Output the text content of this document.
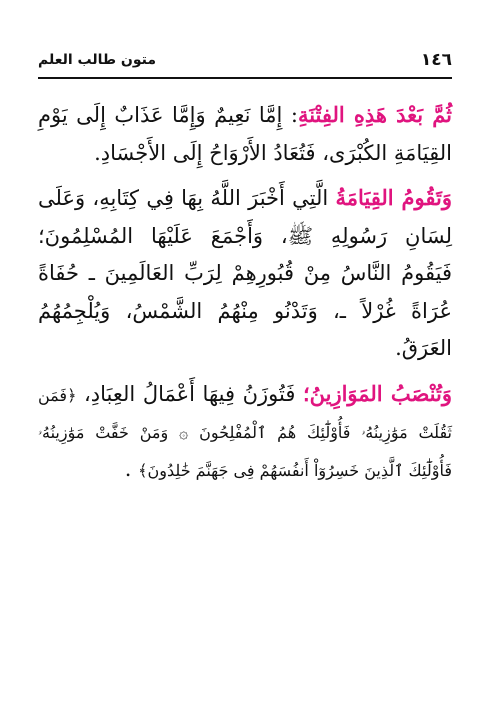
١٤٦
متون طالب العلم

ثُمَّ بَعْدَ هَذِهِ الفِتْنَةِ: إِمَّا نَعِيمٌ وَإِمَّا عَذَابٌ إِلَى يَوْمِ القِيَامَةِ الكُبْرَى، فَتُعَادُ الأَرْوَاحُ إِلَى الأَجْسَادِ.

وَتَقُومُ القِيَامَةُ الَّتِي أَخْبَرَ اللَّهُ بِهَا فِي كِتَابِهِ، وَعَلَى لِسَانِ رَسُولِهِ ﷺ، وَأَجْمَعَ عَلَيْهَا المُسْلِمُونَ؛ فَيَقُومُ النَّاسُ مِنْ قُبُورِهِمْ لِرَبِّ العَالَمِينَ ـ حُفَاةً عُرَاةً غُرْلاً ـ، وَتَدْنُو مِنْهُمُ الشَّمْسُ، وَيُلْجِمُهُمُ العَرَقُ.

وَتُنْصَبُ المَوَازِينُ؛ فَتُوزَنُ فِيهَا أَعْمَالُ العِبَادِ، ﴿فَمَن ثَقُلَتْ مَوَٰزِينُهُۥ فَأُوْلَٰٓئِكَ هُمُ ٱلْمُفْلِحُونَ ۞ وَمَنْ خَفَّتْ مَوَٰزِينُهُۥ فَأُوْلَٰٓئِكَ ٱلَّذِينَ خَسِرُوٓاْ أَنفُسَهُمْ فِى جَهَنَّمَ خَٰلِدُونَ﴾ .
